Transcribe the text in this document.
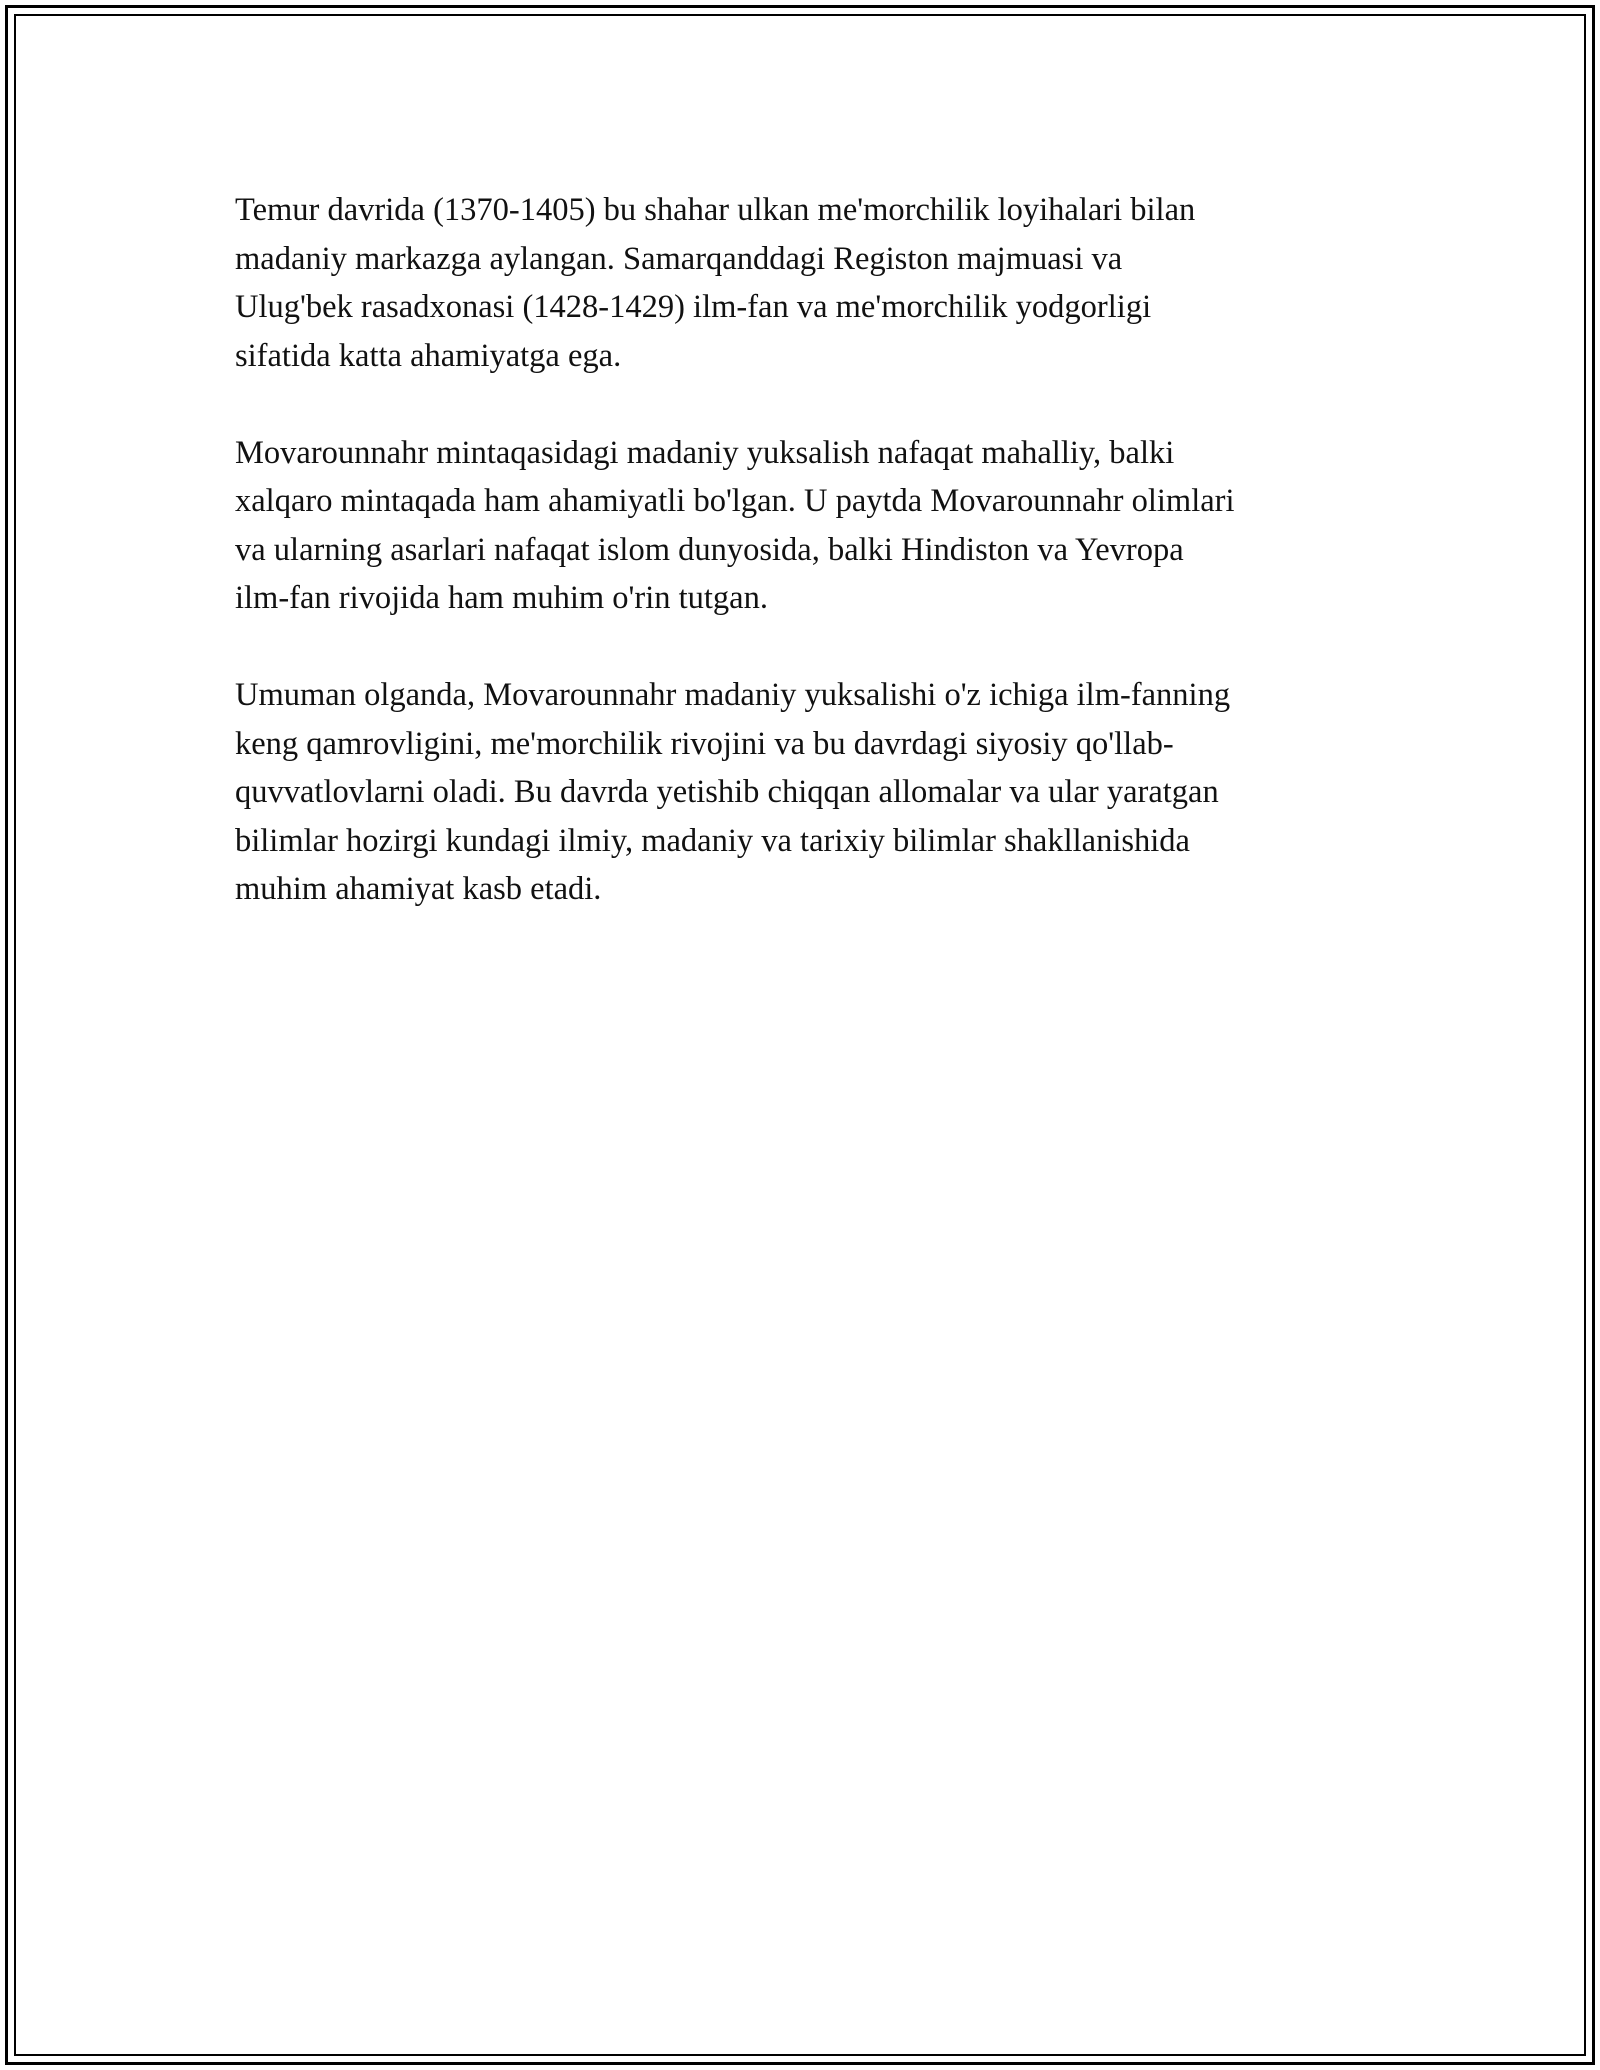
Temur davrida (1370-1405) bu shahar ulkan me'morchilik loyihalari bilan
madaniy markazga aylangan. Samarqanddagi Registon majmuasi va
Ulug'bek rasadxonasi (1428-1429) ilm-fan va me'morchilik yodgorligi
sifatida katta ahamiyatga ega.

Movarounnahr mintaqasidagi madaniy yuksalish nafaqat mahalliy, balki
xalqaro mintaqada ham ahamiyatli bo'lgan. U paytda Movarounnahr olimlari
va ularning asarlari nafaqat islom dunyosida, balki Hindiston va Yevropa
ilm-fan rivojida ham muhim o'rin tutgan.

Umuman olganda, Movarounnahr madaniy yuksalishi o'z ichiga ilm-fanning
keng qamrovligini, me'morchilik rivojini va bu davrdagi siyosiy qo'llab-
quvvatlovlarni oladi. Bu davrda yetishib chiqqan allomalar va ular yaratgan
bilimlar hozirgi kundagi ilmiy, madaniy va tarixiy bilimlar shakllanishida
muhim ahamiyat kasb etadi.
